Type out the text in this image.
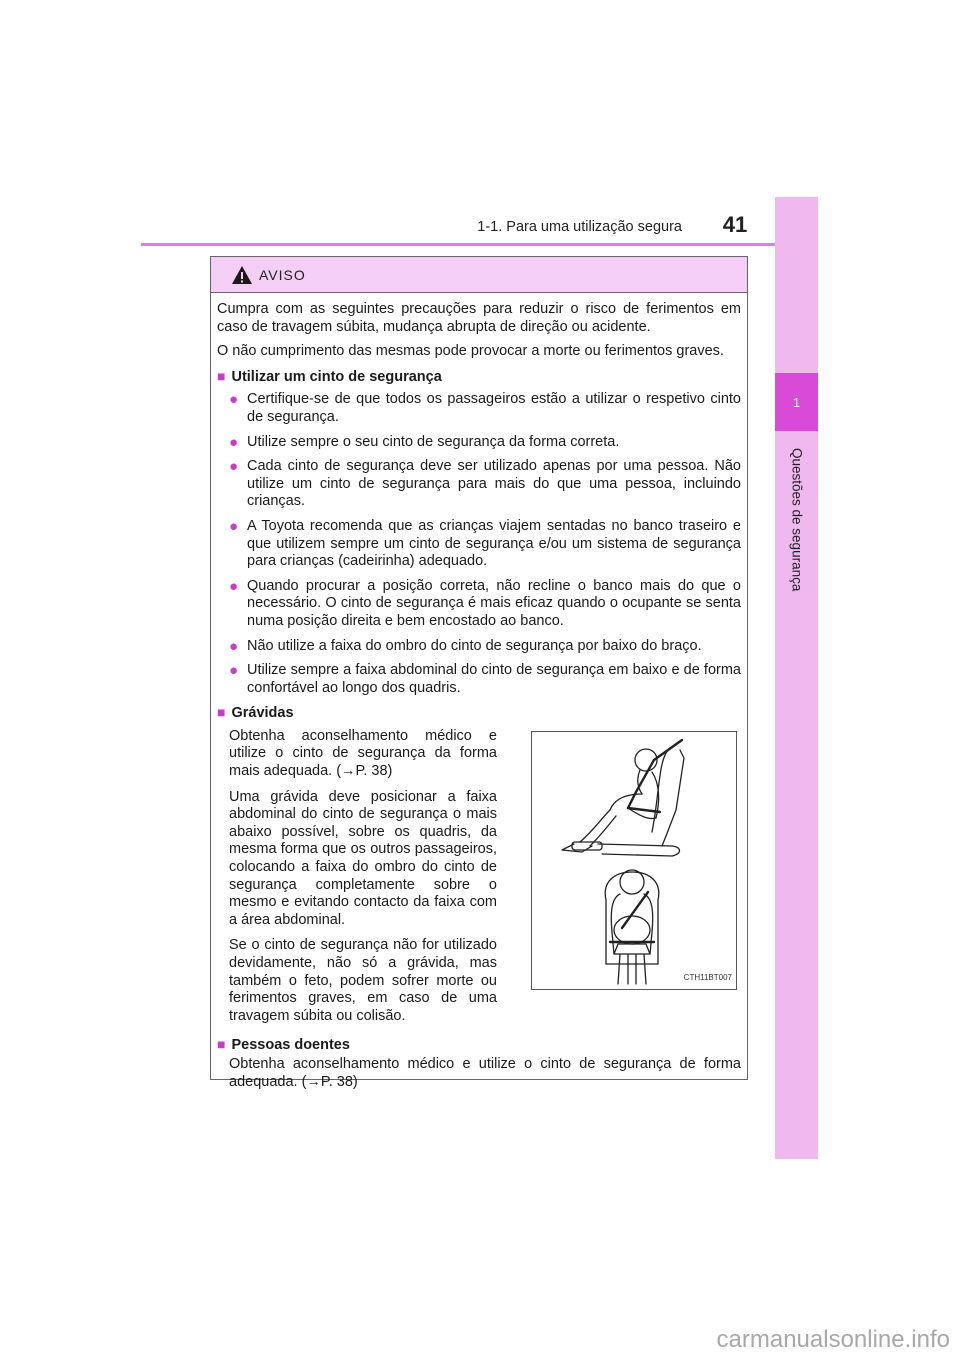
1-1. Para uma utilização segura	41
1
Questões de segurança
AVISO

Cumpra com as seguintes precauções para reduzir o risco de ferimentos em caso de travagem súbita, mudança abrupta de direção ou acidente.

O não cumprimento das mesmas pode provocar a morte ou ferimentos graves.

■ Utilizar um cinto de segurança
● Certifique-se de que todos os passageiros estão a utilizar o respetivo cinto de segurança.
● Utilize sempre o seu cinto de segurança da forma correta.
● Cada cinto de segurança deve ser utilizado apenas por uma pessoa. Não utilize um cinto de segurança para mais do que uma pessoa, incluindo crianças.
● A Toyota recomenda que as crianças viajem sentadas no banco traseiro e que utilizem sempre um cinto de segurança e/ou um sistema de segurança para crianças (cadeirinha) adequado.
● Quando procurar a posição correta, não recline o banco mais do que o necessário. O cinto de segurança é mais eficaz quando o ocupante se senta numa posição direita e bem encostado ao banco.
● Não utilize a faixa do ombro do cinto de segurança por baixo do braço.
● Utilize sempre a faixa abdominal do cinto de segurança em baixo e de forma confortável ao longo dos quadris.
■ Grávidas

Obtenha aconselhamento médico e utilize o cinto de segurança da forma mais adequada. (→P. 38)

Uma grávida deve posicionar a faixa abdominal do cinto de segurança o mais abaixo possível, sobre os quadris, da mesma forma que os outros passageiros, colocando a faixa do ombro do cinto de segurança completamente sobre o mesmo e evitando contacto da faixa com a área abdominal.

Se o cinto de segurança não for utilizado devidamente, não só a grávida, mas também o feto, podem sofrer morte ou ferimentos graves, em caso de uma travagem súbita ou colisão.

CTH11BT007
■ Pessoas doentes

Obtenha aconselhamento médico e utilize o cinto de segurança de forma adequada. (→P. 38)

carmanualsonline.info
